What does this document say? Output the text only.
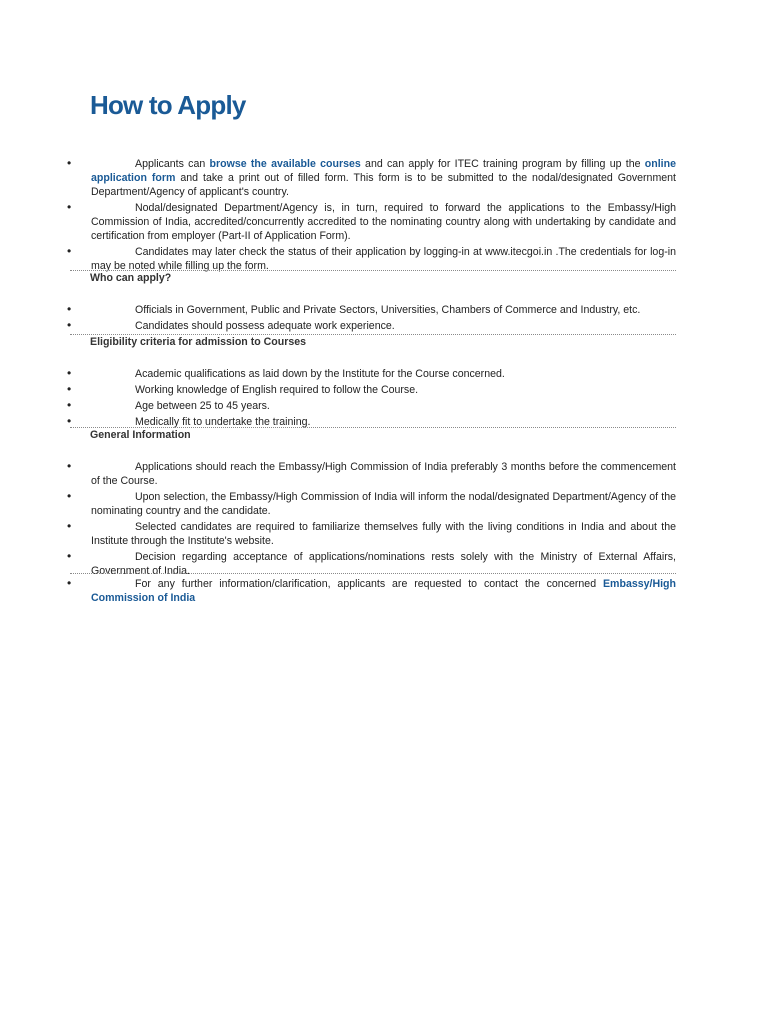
How to Apply
•	Applicants can browse the available courses and can apply for ITEC training program by filling up the online application form and take a print out of filled form. This form is to be submitted to the nodal/designated Government Department/Agency of applicant's country.
•	Nodal/designated Department/Agency is, in turn, required to forward the applications to the Embassy/High Commission of India, accredited/concurrently accredited to the nominating country along with undertaking by candidate and certification from employer (Part-II of Application Form).
•	Candidates may later check the status of their application by logging-in at www.itecgoi.in .The credentials for log-in may be noted while filling up the form.
Who can apply?
•	Officials in Government, Public and Private Sectors, Universities, Chambers of Commerce and Industry, etc.
•	Candidates should possess adequate work experience.
Eligibility criteria for admission to Courses
•	Academic qualifications as laid down by the Institute for the Course concerned.
•	Working knowledge of English required to follow the Course.
•	Age between 25 to 45 years.
•	Medically fit to undertake the training.
General Information
•	Applications should reach the Embassy/High Commission of India preferably 3 months before the commencement of the Course.
•	Upon selection, the Embassy/High Commission of India will inform the nodal/designated Department/Agency of the nominating country and the candidate.
•	Selected candidates are required to familiarize themselves fully with the living conditions in India and about the Institute through the Institute's website.
•	Decision regarding acceptance of applications/nominations rests solely with the Ministry of External Affairs, Government of India.
•	For any further information/clarification, applicants are requested to contact the concerned Embassy/High Commission of India
